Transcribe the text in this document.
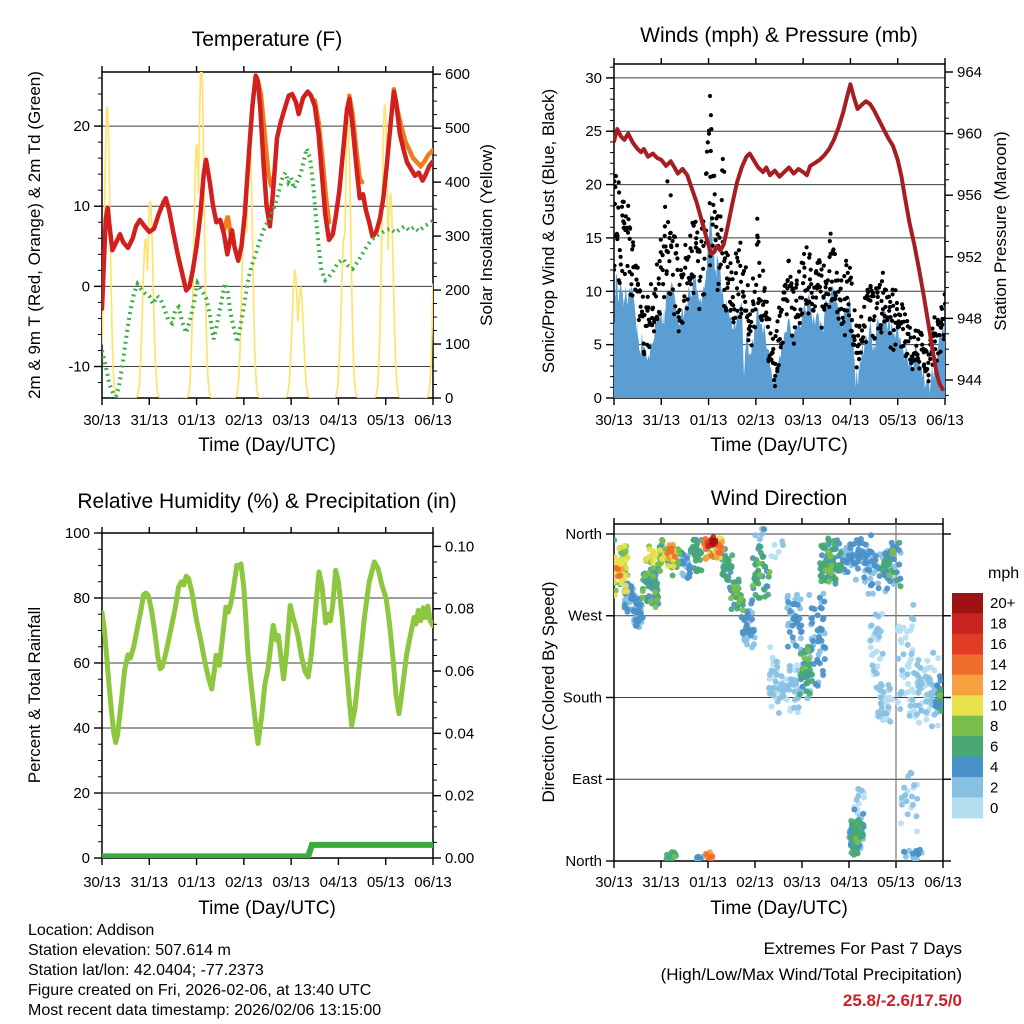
30/13 31/13 01/13 02/13 03/13 04/13 05/13 06/13
-10
0
10
20
0
100
200
300
400
500
600
Temperature (F)
Time (Day/UTC)
2m & 9m T (Red, Orange) & 2m Td (Green)	Solar Insolation (Yellow)
30/13 31/13 01/13 02/13 03/13 04/13 05/13 06/13
0
5
10
15
20
25
30
944
948
952
956
960
964
Winds (mph) & Pressure (mb)
Time (Day/UTC)
Sonic/Prop Wind & Gust (Blue, Black)	Station Pressure (Maroon)
30/13 31/13 01/13 02/13 03/13 04/13 05/13 06/13
0
20
40
60
80
100
0.00
0.02
0.04
0.06
0.08
0.10
Relative Humidity (%) & Precipitation (in)
Time (Day/UTC)
Percent & Total Rainfall
30/13 31/13 01/13 02/13 03/13 04/13 05/13 06/13
North
West
South
East
North
Wind Direction
Time (Day/UTC)
Direction (Colored By Speed)
mph
20+
18
16
14
12
10
8
6
4
2
0
Location: Addison
Station elevation: 507.614 m
Station lat/lon: 42.0404; -77.2373
Figure created on Fri, 2026-02-06, at 13:40 UTC
Most recent data timestamp: 2026/02/06 13:15:00
Extremes For Past 7 Days
(High/Low/Max Wind/Total Precipitation)
25.8/-2.6/17.5/0
